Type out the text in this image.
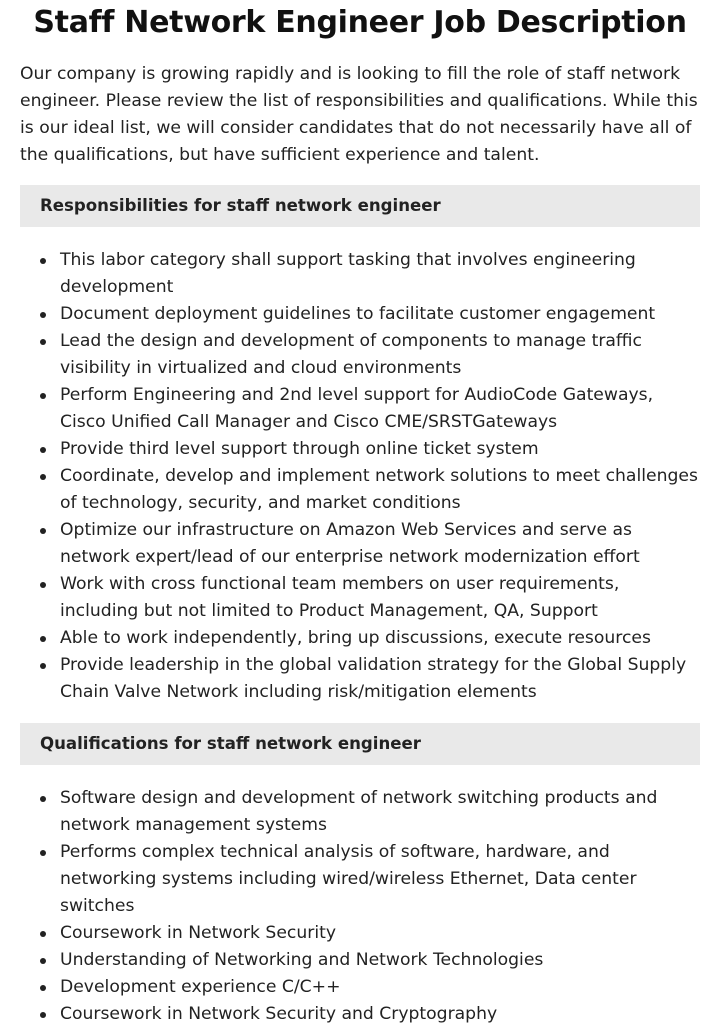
Staff Network Engineer Job Description

Our company is growing rapidly and is looking to fill the role of staff network engineer. Please review the list of responsibilities and qualifications. While this is our ideal list, we will consider candidates that do not necessarily have all of the qualifications, but have sufficient experience and talent.

Responsibilities for staff network engineer
This labor category shall support tasking that involves engineering development
Document deployment guidelines to facilitate customer engagement
Lead the design and development of components to manage traffic visibility in virtualized and cloud environments
Perform Engineering and 2nd level support for AudioCode Gateways, Cisco Unified Call Manager and Cisco CME/SRSTGateways
Provide third level support through online ticket system
Coordinate, develop and implement network solutions to meet challenges of technology, security, and market conditions
Optimize our infrastructure on Amazon Web Services and serve as network expert/lead of our enterprise network modernization effort
Work with cross functional team members on user requirements, including but not limited to Product Management, QA, Support
Able to work independently, bring up discussions, execute resources
Provide leadership in the global validation strategy for the Global Supply Chain Valve Network including risk/mitigation elements
Qualifications for staff network engineer
Software design and development of network switching products and network management systems
Performs complex technical analysis of software, hardware, and networking systems including wired/wireless Ethernet, Data center switches
Coursework in Network Security
Understanding of Networking and Network Technologies
Development experience C/C++
Coursework in Network Security and Cryptography
